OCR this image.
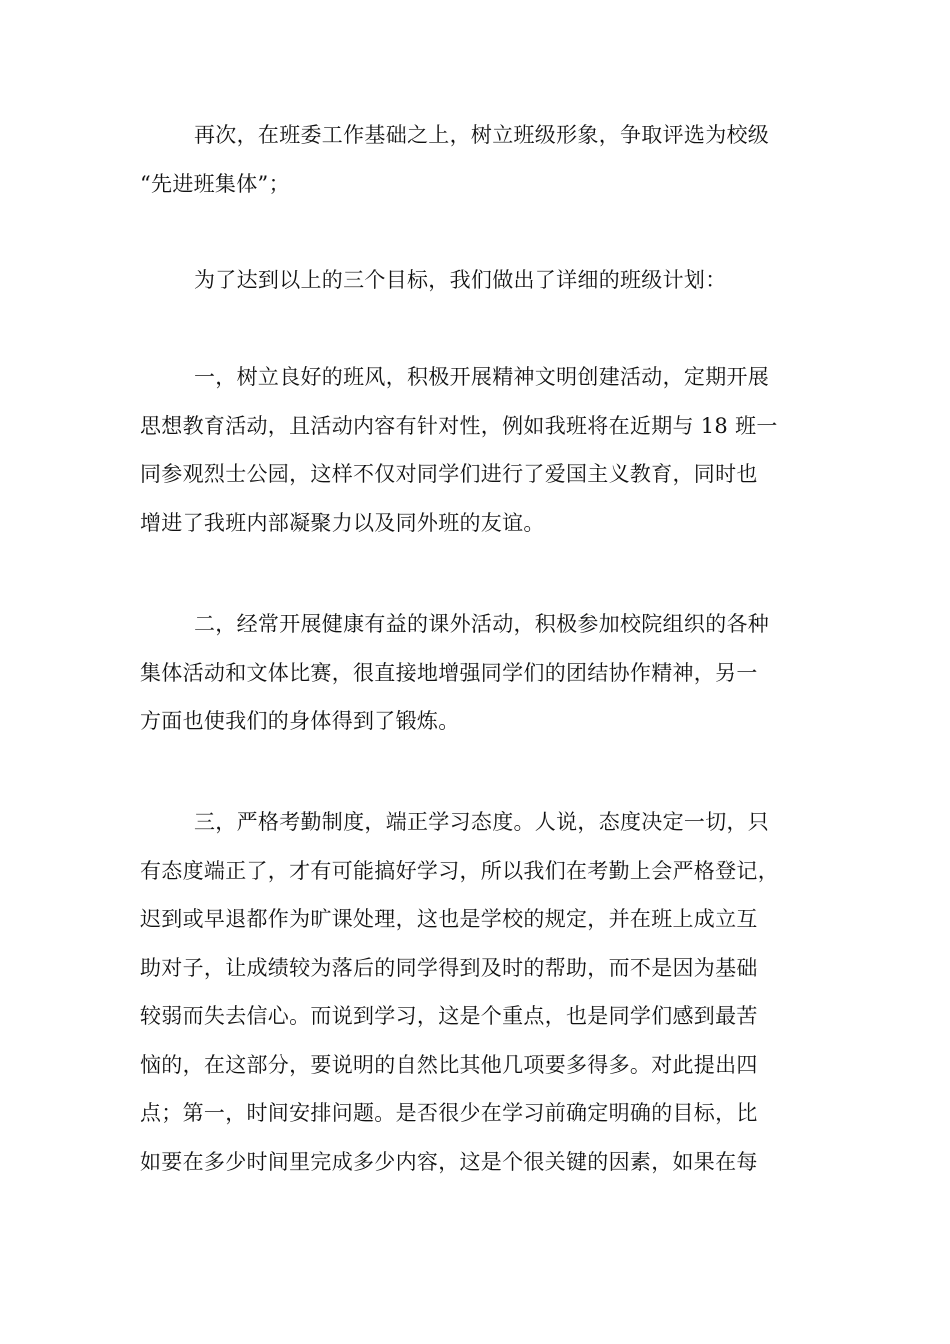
再次，在班委工作基础之上，树立班级形象，争取评选为校级
“先进班集体”；

为了达到以上的三个目标，我们做出了详细的班级计划：

一，树立良好的班风，积极开展精神文明创建活动，定期开展
思想教育活动，且活动内容有针对性，例如我班将在近期与 18 班一
同参观烈士公园，这样不仅对同学们进行了爱国主义教育，同时也
增进了我班内部凝聚力以及同外班的友谊。

二，经常开展健康有益的课外活动，积极参加校院组织的各种
集体活动和文体比赛，很直接地增强同学们的团结协作精神，另一
方面也使我们的身体得到了锻炼。

三，严格考勤制度，端正学习态度。人说，态度决定一切，只
有态度端正了，才有可能搞好学习，所以我们在考勤上会严格登记，
迟到或早退都作为旷课处理，这也是学校的规定，并在班上成立互
助对子，让成绩较为落后的同学得到及时的帮助，而不是因为基础
较弱而失去信心。而说到学习，这是个重点，也是同学们感到最苦
恼的，在这部分，要说明的自然比其他几项要多得多。对此提出四
点；第一，时间安排问题。是否很少在学习前确定明确的目标，比
如要在多少时间里完成多少内容，这是个很关键的因素，如果在每
